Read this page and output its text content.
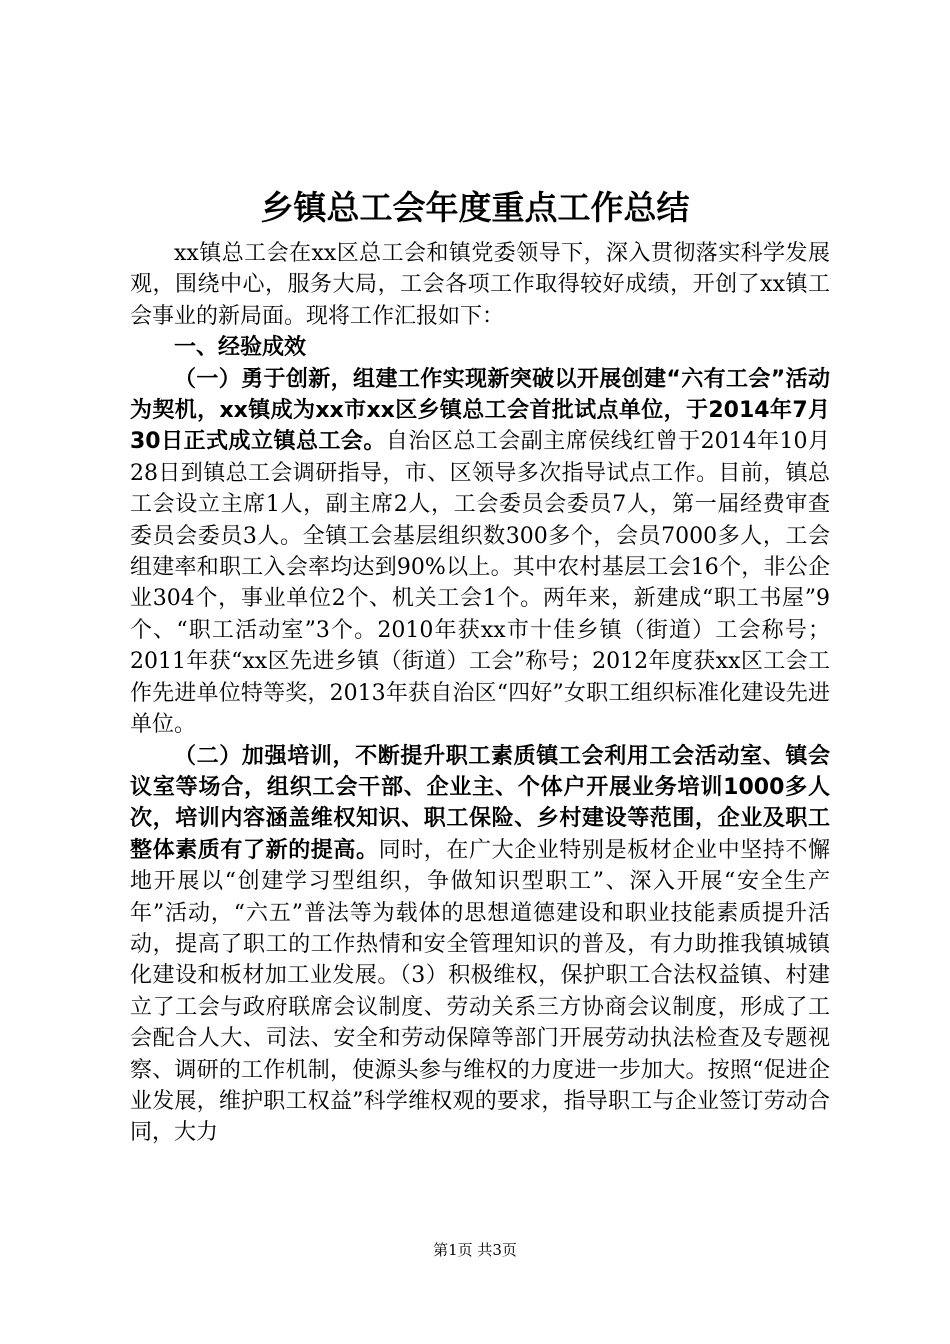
乡镇总工会年度重点工作总结

xx镇总工会在xx区总工会和镇党委领导下，深入贯彻落实科学发展观，围绕中心，服务大局，工会各项工作取得较好成绩，开创了xx镇工会事业的新局面。现将工作汇报如下：

一、经验成效

（一）勇于创新，组建工作实现新突破以开展创建“六有工会”活动为契机，xx镇成为xx市xx区乡镇总工会首批试点单位，于2014年7月30日正式成立镇总工会。自治区总工会副主席侯线红曾于2014年10月28日到镇总工会调研指导，市、区领导多次指导试点工作。目前，镇总工会设立主席1人，副主席2人，工会委员会委员7人，第一届经费审查委员会委员3人。全镇工会基层组织数300多个，会员7000多人，工会组建率和职工入会率均达到90%以上。其中农村基层工会16个，非公企业304个，事业单位2个、机关工会1个。两年来，新建成“职工书屋”9个、“职工活动室”3个。2010年获xx市十佳乡镇（街道）工会称号；2011年获“xx区先进乡镇（街道）工会”称号；2012年度获xx区工会工作先进单位特等奖，2013年获自治区“四好”女职工组织标准化建设先进单位。

（二）加强培训，不断提升职工素质镇工会利用工会活动室、镇会议室等场合，组织工会干部、企业主、个体户开展业务培训1000多人次，培训内容涵盖维权知识、职工保险、乡村建设等范围，企业及职工整体素质有了新的提高。同时，在广大企业特别是板材企业中坚持不懈地开展以“创建学习型组织，争做知识型职工”、深入开展“安全生产年”活动，“六五”普法等为载体的思想道德建设和职业技能素质提升活动，提高了职工的工作热情和安全管理知识的普及，有力助推我镇城镇化建设和板材加工业发展。（3）积极维权，保护职工合法权益镇、村建立了工会与政府联席会议制度、劳动关系三方协商会议制度，形成了工会配合人大、司法、安全和劳动保障等部门开展劳动执法检查及专题视察、调研的工作机制，使源头参与维权的力度进一步加大。按照“促进企业发展，维护职工权益”科学维权观的要求，指导职工与企业签订劳动合同，大力

第1页 共3页
